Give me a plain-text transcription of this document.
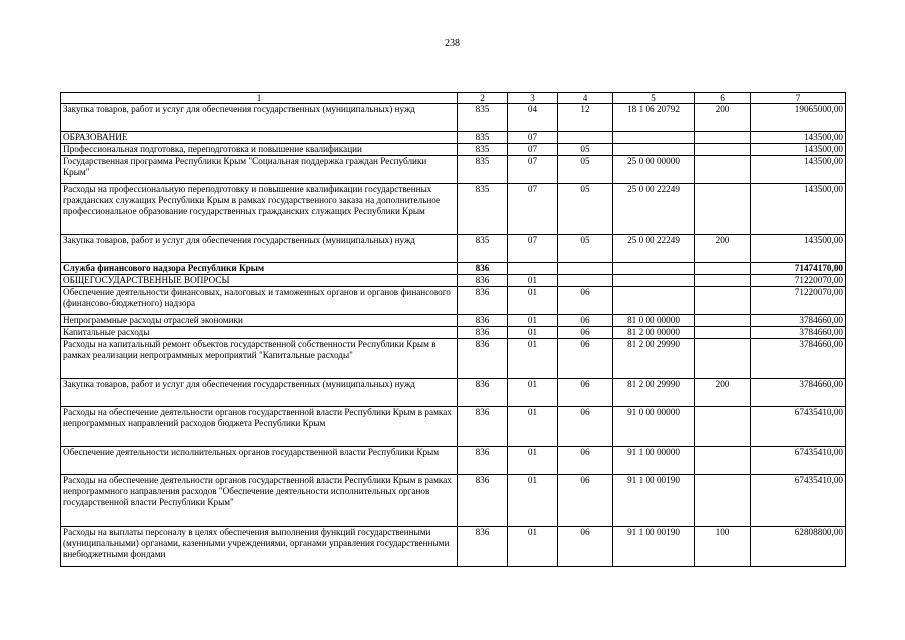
238
1	2	3	4	5	6	7
Закупка товаров, работ и услуг для обеспечения государственных (муниципальных) нужд	835	04	12	18 1 06 20792	200	19065000,00
ОБРАЗОВАНИЕ	835	07				143500,00
Профессиональная подготовка, переподготовка и повышение квалификации	835	07	05			143500,00
Государственная программа Республики Крым "Социальная поддержка граждан Республики Крым"	835	07	05	25 0 00 00000		143500,00
Расходы на профессиональную переподготовку и повышение квалификации государственных гражданских служащих Республики Крым в рамках государственного заказа на дополнительное профессиональное образование государственных гражданских служащих Республики Крым	835	07	05	25 0 00 22249		143500,00
Закупка товаров, работ и услуг для обеспечения государственных (муниципальных) нужд	835	07	05	25 0 00 22249	200	143500,00
Служба финансового надзора Республики Крым	836					71474170,00
ОБЩЕГОСУДАРСТВЕННЫЕ ВОПРОСЫ	836	01				71220070,00
Обеспечение деятельности финансовых, налоговых и таможенных органов и органов финансового (финансово-бюджетного) надзора	836	01	06			71220070,00
Непрограммные расходы отраслей экономики	836	01	06	81 0 00 00000		3784660,00
Капитальные расходы	836	01	06	81 2 00 00000		3784660,00
Расходы на капитальный ремонт объектов государственной собственности Республики Крым в рамках реализации непрограммных мероприятий "Капитальные расходы"	836	01	06	81 2 00 29990		3784660,00
Закупка товаров, работ и услуг для обеспечения государственных (муниципальных) нужд	836	01	06	81 2 00 29990	200	3784660,00
Расходы на обеспечение деятельности органов государственной власти Республики Крым в рамках непрограммных направлений расходов бюджета Республики Крым	836	01	06	91 0 00 00000		67435410,00
Обеспечение деятельности исполнительных органов государственной власти Республики Крым	836	01	06	91 1 00 00000		67435410,00
Расходы на обеспечение деятельности органов государственной власти Республики Крым в рамках непрограммного направления расходов "Обеспечение деятельности исполнительных органов государственной власти Республики Крым"	836	01	06	91 1 00 00190		67435410,00
Расходы на выплаты персоналу в целях обеспечения выполнения функций государственными (муниципальными) органами, казенными учреждениями, органами управления государственными внебюджетными фондами	836	01	06	91 1 00 00190	100	62808800,00
